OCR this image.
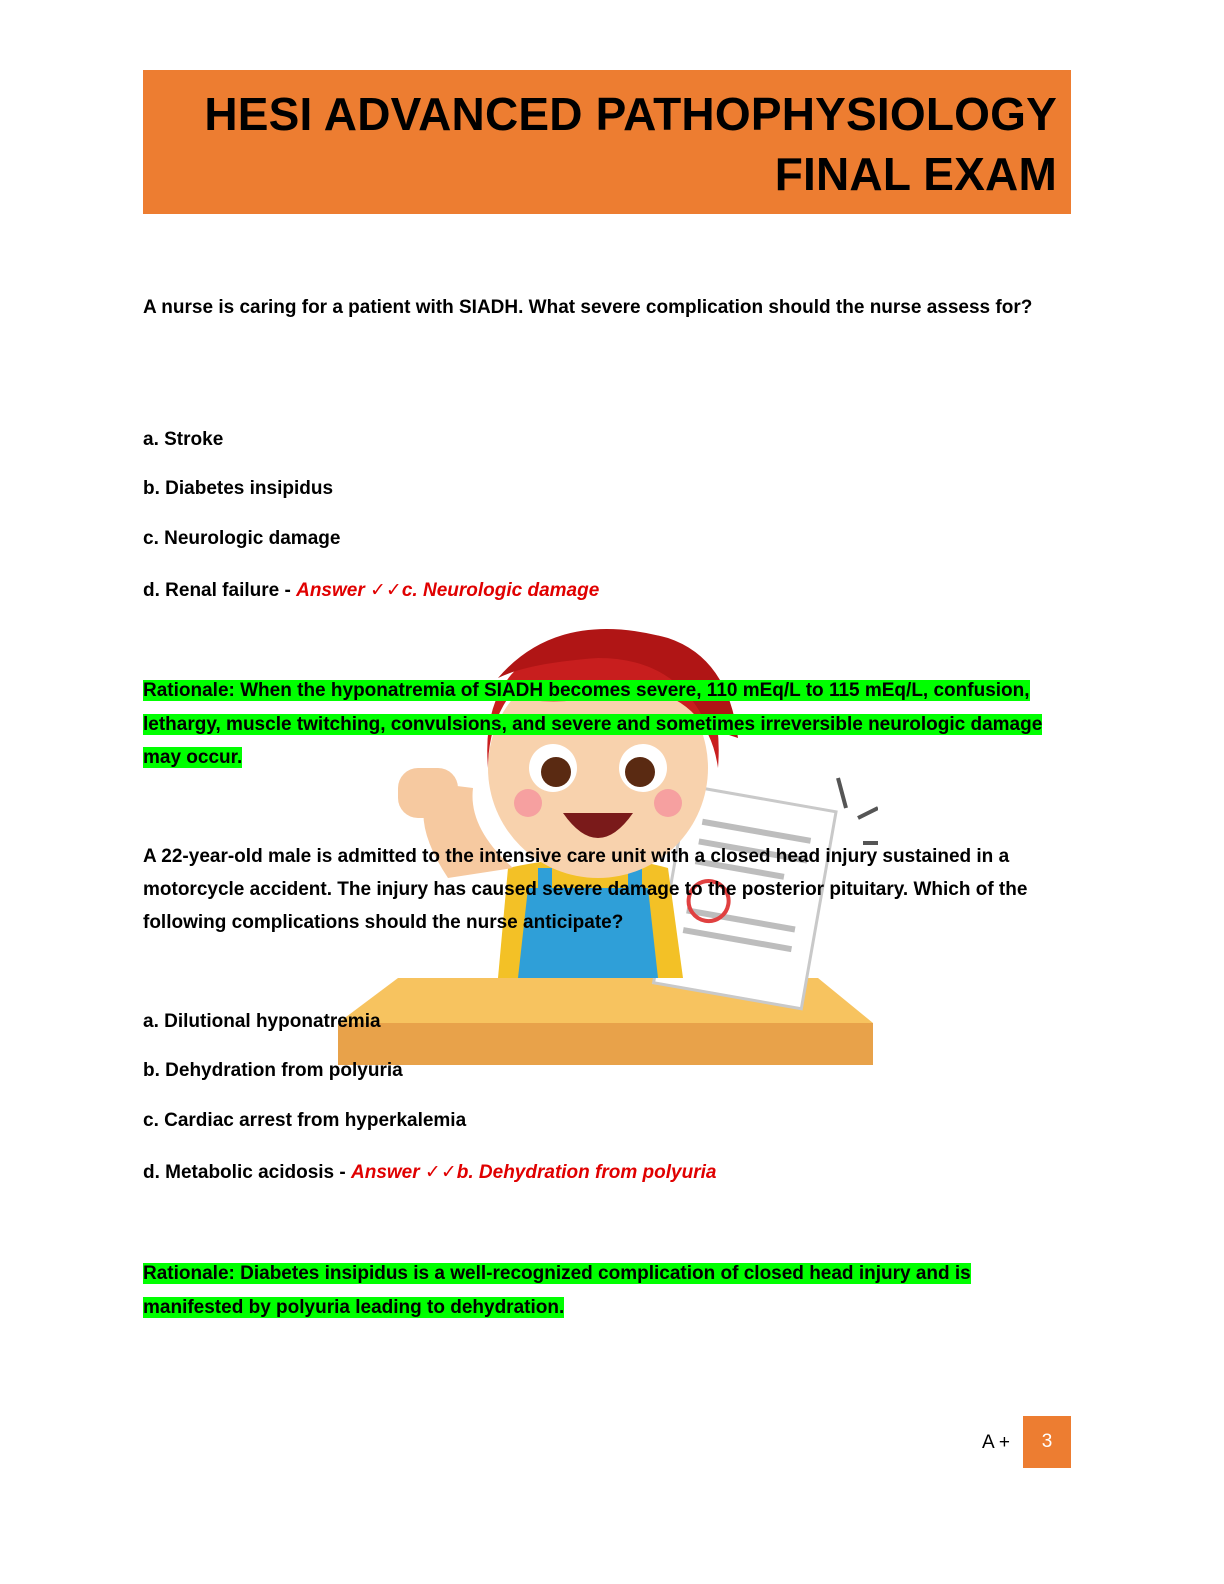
HESI ADVANCED PATHOPHYSIOLOGY
FINAL EXAM
A nurse is caring for a patient with SIADH. What severe complication should the nurse assess for?
a. Stroke
b. Diabetes insipidus
c. Neurologic damage
d. Renal failure - Answer ✓✓c. Neurologic damage
Rationale: When the hyponatremia of SIADH becomes severe, 110 mEq/L to 115 mEq/L, confusion, lethargy, muscle twitching, convulsions, and severe and sometimes irreversible neurologic damage may occur.
A 22-year-old male is admitted to the intensive care unit with a closed head injury sustained in a motorcycle accident. The injury has caused severe damage to the posterior pituitary. Which of the following complications should the nurse anticipate?
a. Dilutional hyponatremia
b. Dehydration from polyuria
c. Cardiac arrest from hyperkalemia
d. Metabolic acidosis - Answer ✓✓b. Dehydration from polyuria
Rationale: Diabetes insipidus is a well-recognized complication of closed head injury and is manifested by polyuria leading to dehydration.
A +	3
